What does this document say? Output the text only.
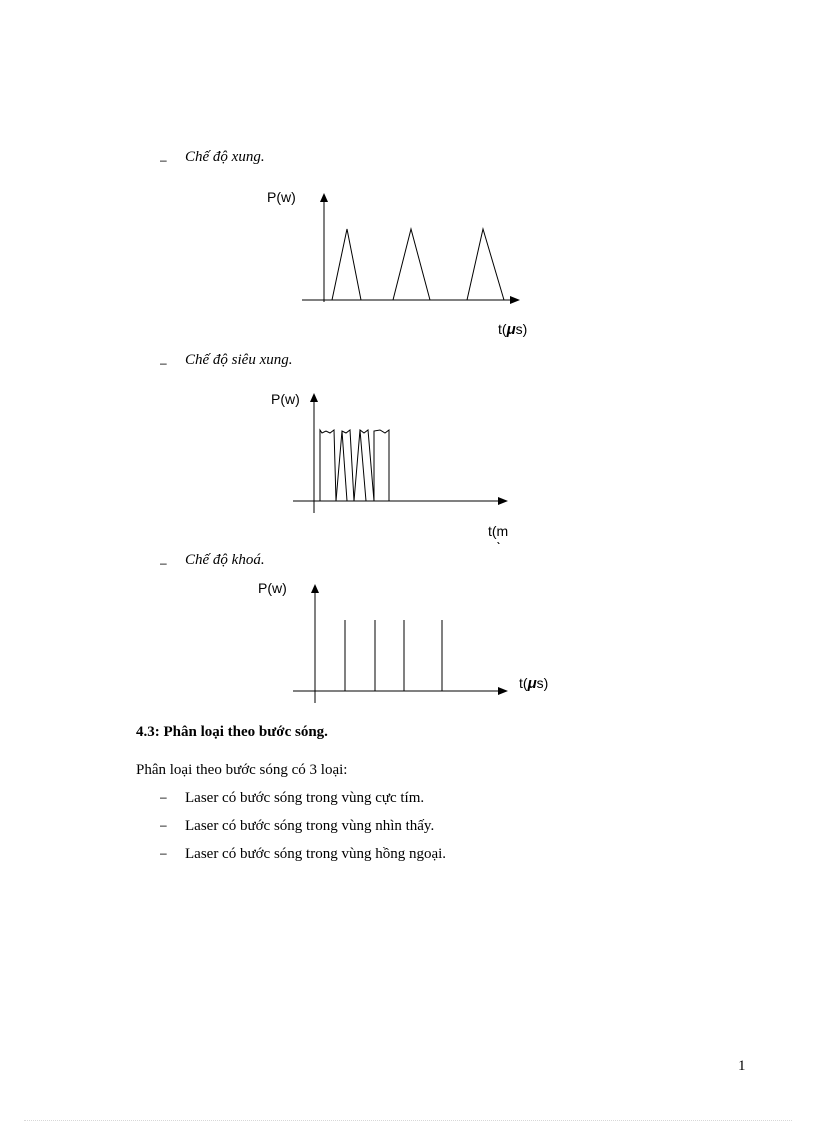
– Chế độ xung.
P(w)
t(μs)
– Chế độ siêu xung.
P(w)
t(m
– Chế độ khoá.
P(w)
t(μs)
4.3: Phân loại theo bước sóng.
Phân loại theo bước sóng có 3 loại:
– Laser có bước sóng trong vùng cực tím.
– Laser có bước sóng trong vùng nhìn thấy.
– Laser có bước sóng trong vùng hồng ngoại.
1
